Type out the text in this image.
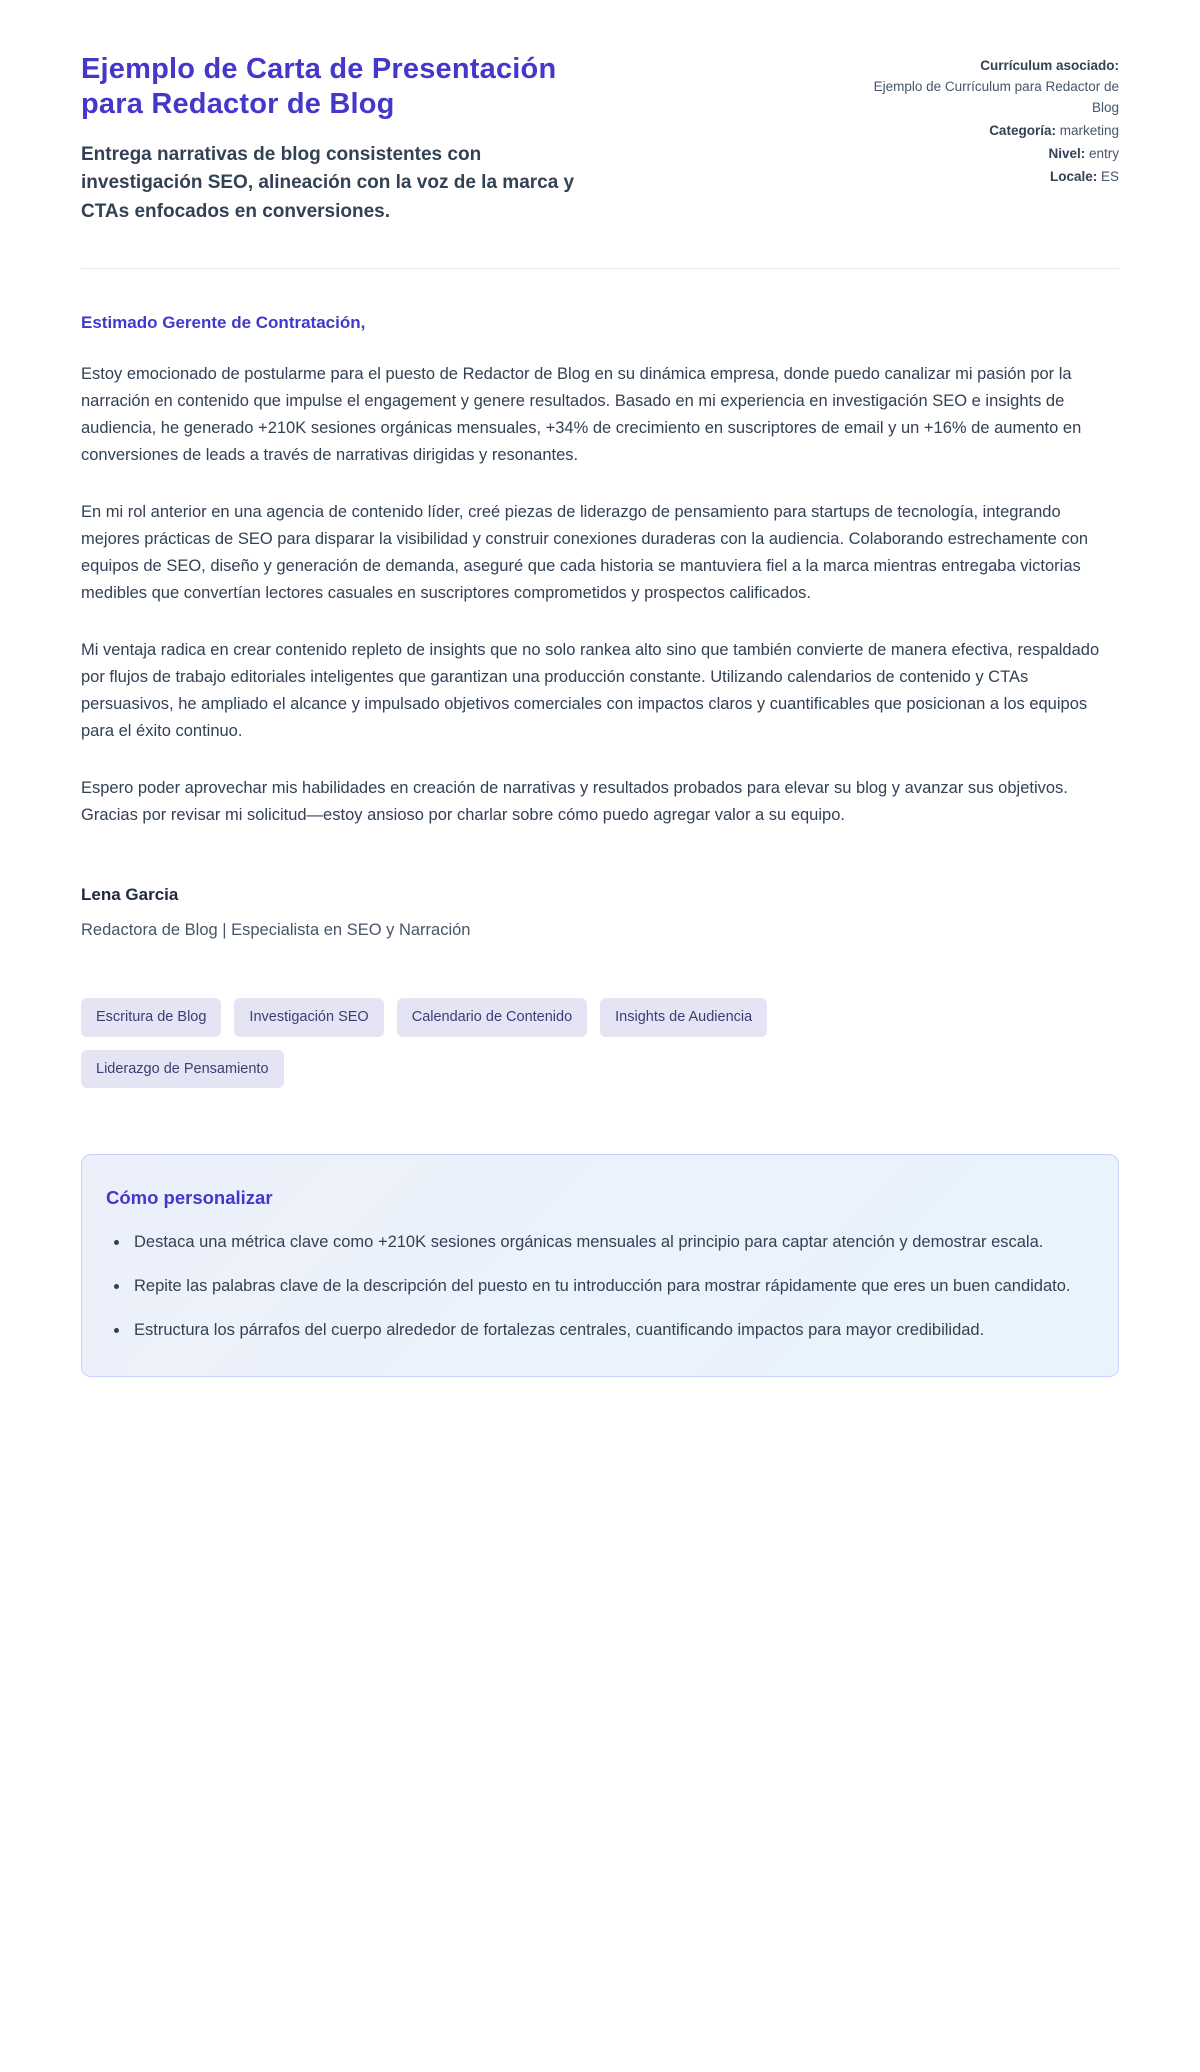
Ejemplo de Carta de Presentación para Redactor de Blog

Entrega narrativas de blog consistentes con investigación SEO, alineación con la voz de la marca y CTAs enfocados en conversiones.

Currículum asociado:
Ejemplo de Currículum para Redactor de Blog
Categoría: marketing
Nivel: entry
Locale: ES

Estimado Gerente de Contratación,

Estoy emocionado de postularme para el puesto de Redactor de Blog en su dinámica empresa, donde puedo canalizar mi pasión por la narración en contenido que impulse el engagement y genere resultados. Basado en mi experiencia en investigación SEO e insights de audiencia, he generado +210K sesiones orgánicas mensuales, +34% de crecimiento en suscriptores de email y un +16% de aumento en conversiones de leads a través de narrativas dirigidas y resonantes.

En mi rol anterior en una agencia de contenido líder, creé piezas de liderazgo de pensamiento para startups de tecnología, integrando mejores prácticas de SEO para disparar la visibilidad y construir conexiones duraderas con la audiencia. Colaborando estrechamente con equipos de SEO, diseño y generación de demanda, aseguré que cada historia se mantuviera fiel a la marca mientras entregaba victorias medibles que convertían lectores casuales en suscriptores comprometidos y prospectos calificados.

Mi ventaja radica en crear contenido repleto de insights que no solo rankea alto sino que también convierte de manera efectiva, respaldado por flujos de trabajo editoriales inteligentes que garantizan una producción constante. Utilizando calendarios de contenido y CTAs persuasivos, he ampliado el alcance y impulsado objetivos comerciales con impactos claros y cuantificables que posicionan a los equipos para el éxito continuo.

Espero poder aprovechar mis habilidades en creación de narrativas y resultados probados para elevar su blog y avanzar sus objetivos. Gracias por revisar mi solicitud—estoy ansioso por charlar sobre cómo puedo agregar valor a su equipo.

Lena Garcia

Redactora de Blog | Especialista en SEO y Narración

Escritura de Blog	Investigación SEO	Calendario de Contenido	Insights de Audiencia
Liderazgo de Pensamiento
Cómo personalizar
• Destaca una métrica clave como +210K sesiones orgánicas mensuales al principio para captar atención y demostrar escala.
• Repite las palabras clave de la descripción del puesto en tu introducción para mostrar rápidamente que eres un buen candidato.
• Estructura los párrafos del cuerpo alrededor de fortalezas centrales, cuantificando impactos para mayor credibilidad.
